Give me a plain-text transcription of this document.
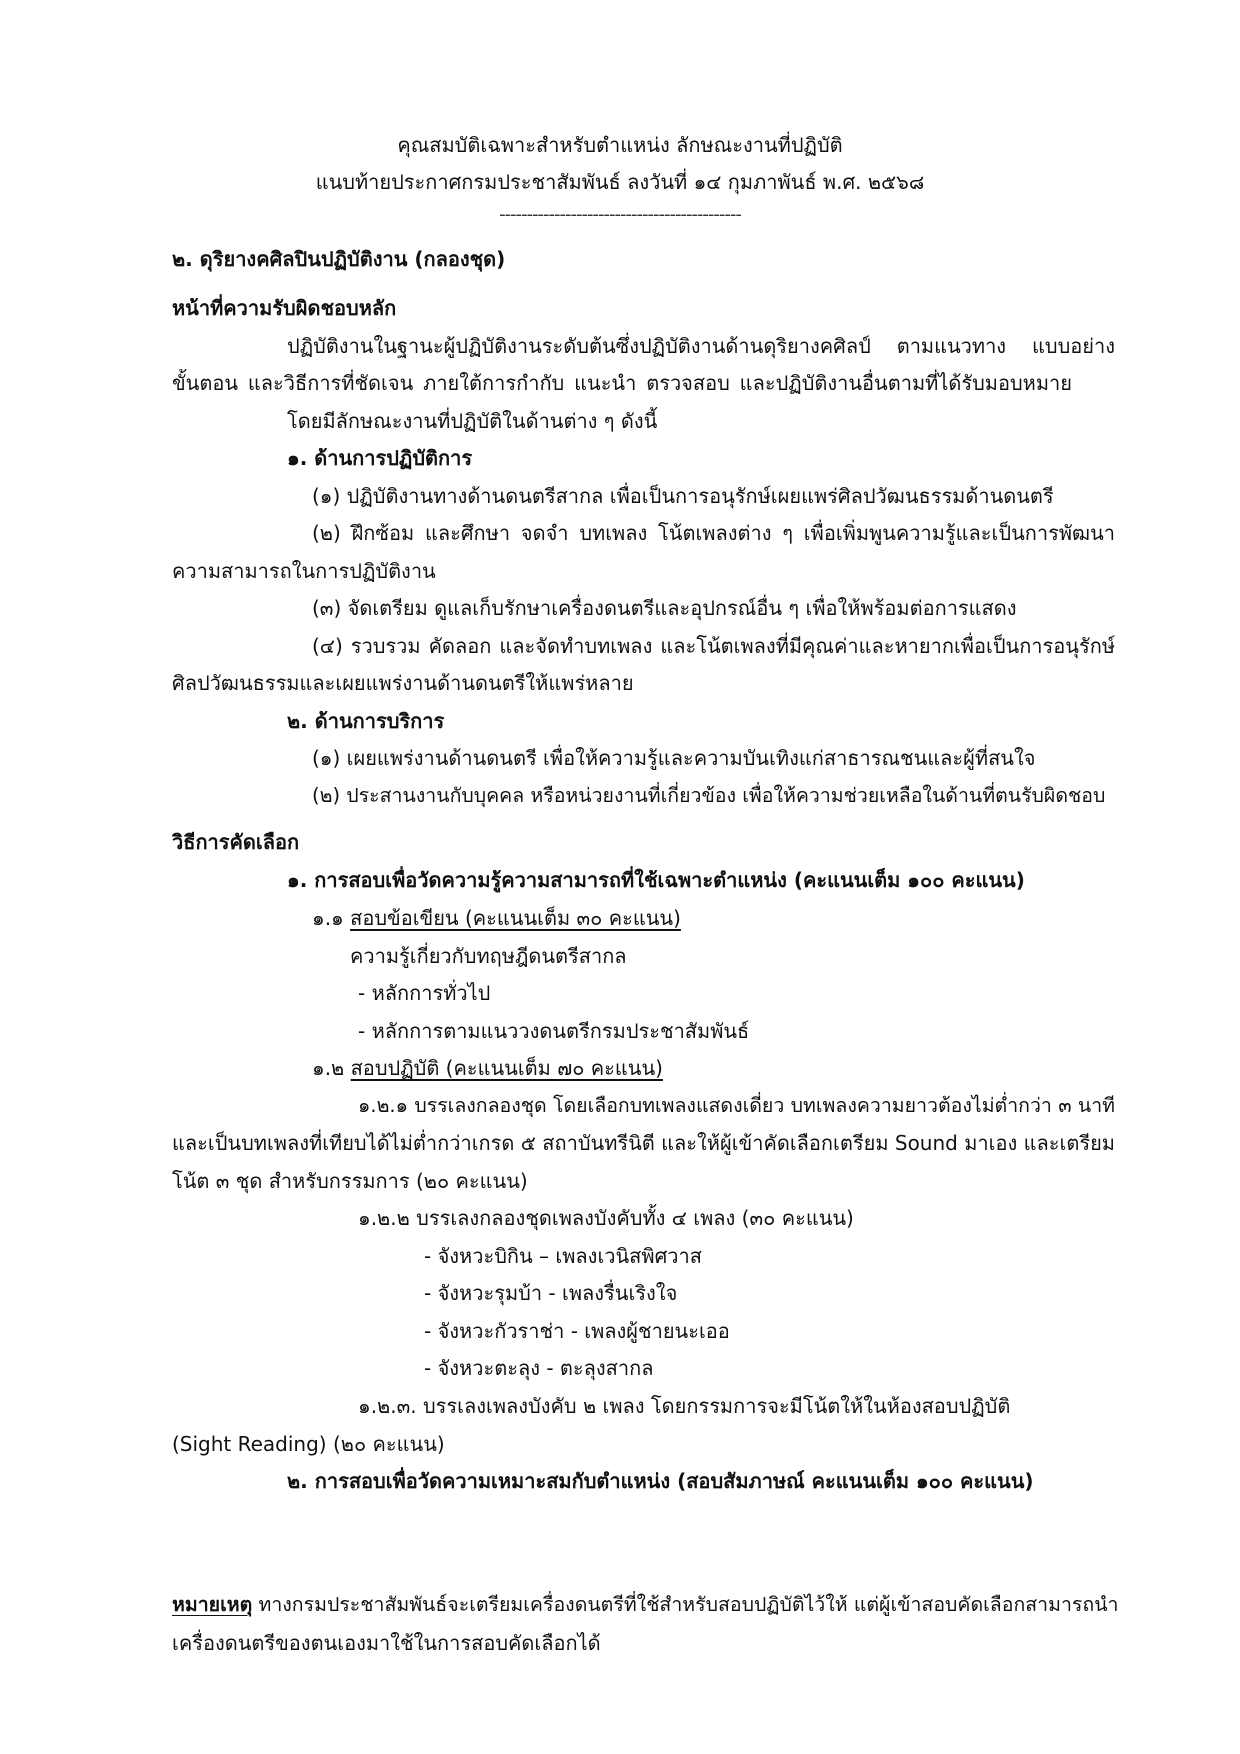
คุณสมบัติเฉพาะสำหรับตำแหน่ง ลักษณะงานที่ปฏิบัติ

แนบท้ายประกาศกรมประชาสัมพันธ์ ลงวันที่ ๑๔ กุมภาพันธ์ พ.ศ. ๒๕๖๘

--------------------------------------------

๒. ดุริยางคศิลปินปฏิบัติงาน (กลองชุด)

หน้าที่ความรับผิดชอบหลัก

ปฏิบัติงานในฐานะผู้ปฏิบัติงานระดับต้นซึ่งปฏิบัติงานด้านดุริยางคศิลป์ ตามแนวทาง แบบอย่าง

ขั้นตอน และวิธีการที่ชัดเจน ภายใต้การกำกับ แนะนำ ตรวจสอบ และปฏิบัติงานอื่นตามที่ได้รับมอบหมาย

โดยมีลักษณะงานที่ปฏิบัติในด้านต่าง ๆ ดังนี้

๑. ด้านการปฏิบัติการ

(๑) ปฏิบัติงานทางด้านดนตรีสากล เพื่อเป็นการอนุรักษ์เผยแพร่ศิลปวัฒนธรรมด้านดนตรี

(๒) ฝึกซ้อม และศึกษา จดจำ บทเพลง โน้ตเพลงต่าง ๆ เพื่อเพิ่มพูนความรู้และเป็นการพัฒนา

ความสามารถในการปฏิบัติงาน

(๓) จัดเตรียม ดูแลเก็บรักษาเครื่องดนตรีและอุปกรณ์อื่น ๆ เพื่อให้พร้อมต่อการแสดง

(๔) รวบรวม คัดลอก และจัดทำบทเพลง และโน้ตเพลงที่มีคุณค่าและหายากเพื่อเป็นการอนุรักษ์

ศิลปวัฒนธรรมและเผยแพร่งานด้านดนตรีให้แพร่หลาย

๒. ด้านการบริการ

(๑) เผยแพร่งานด้านดนตรี เพื่อให้ความรู้และความบันเทิงแก่สาธารณชนและผู้ที่สนใจ

(๒) ประสานงานกับบุคคล หรือหน่วยงานที่เกี่ยวข้อง เพื่อให้ความช่วยเหลือในด้านที่ตนรับผิดชอบ

วิธีการคัดเลือก

๑. การสอบเพื่อวัดความรู้ความสามารถที่ใช้เฉพาะตำแหน่ง (คะแนนเต็ม ๑๐๐ คะแนน)

๑.๑ สอบข้อเขียน (คะแนนเต็ม ๓๐ คะแนน)

ความรู้เกี่ยวกับทฤษฎีดนตรีสากล

- หลักการทั่วไป

- หลักการตามแนววงดนตรีกรมประชาสัมพันธ์

๑.๒ สอบปฏิบัติ (คะแนนเต็ม ๗๐ คะแนน)

๑.๒.๑ บรรเลงกลองชุด โดยเลือกบทเพลงแสดงเดี่ยว บทเพลงความยาวต้องไม่ต่ำกว่า ๓ นาที

และเป็นบทเพลงที่เทียบได้ไม่ต่ำกว่าเกรด ๕ สถาบันทรีนิตี และให้ผู้เข้าคัดเลือกเตรียม Sound มาเอง และเตรียม

โน้ต ๓ ชุด สำหรับกรรมการ (๒๐ คะแนน)

๑.๒.๒ บรรเลงกลองชุดเพลงบังคับทั้ง ๔ เพลง (๓๐ คะแนน)

- จังหวะบิกิน – เพลงเวนิสพิศวาส

- จังหวะรุมบ้า - เพลงรื่นเริงใจ

- จังหวะกัวราช่า - เพลงผู้ชายนะเออ

- จังหวะตะลุง - ตะลุงสากล

๑.๒.๓. บรรเลงเพลงบังคับ ๒ เพลง โดยกรรมการจะมีโน้ตให้ในห้องสอบปฏิบัติ

(Sight Reading) (๒๐ คะแนน)

๒. การสอบเพื่อวัดความเหมาะสมกับตำแหน่ง (สอบสัมภาษณ์ คะแนนเต็ม ๑๐๐ คะแนน)

หมายเหตุ ทางกรมประชาสัมพันธ์จะเตรียมเครื่องดนตรีที่ใช้สำหรับสอบปฏิบัติไว้ให้ แต่ผู้เข้าสอบคัดเลือกสามารถนำ

เครื่องดนตรีของตนเองมาใช้ในการสอบคัดเลือกได้
